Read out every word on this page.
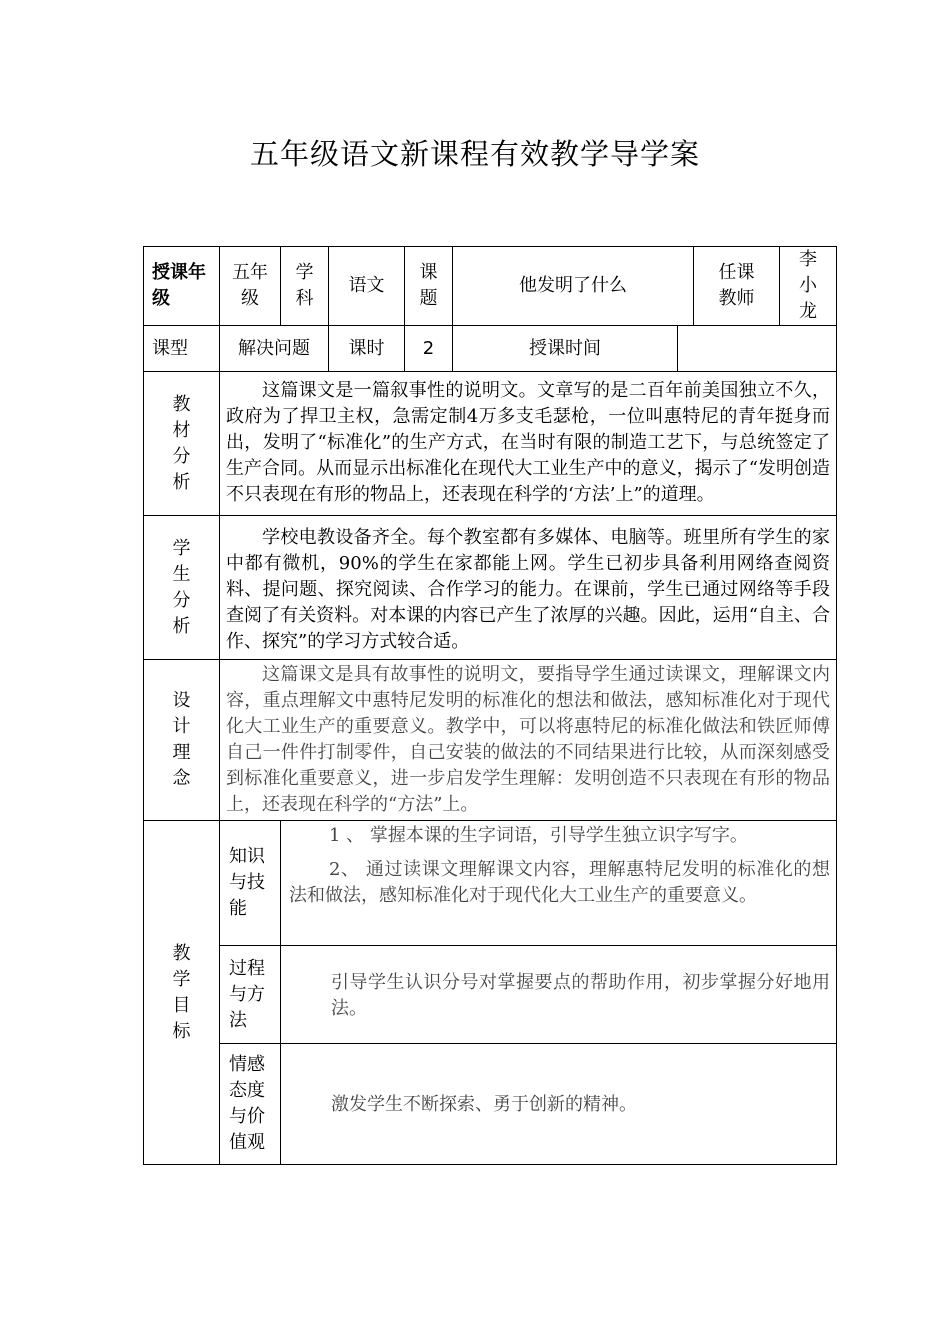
五年级语文新课程有效教学导学案
授课年级	五年级	学科	语文	课题	他发明了什么		任课教师	李小龙
课型	解决问题		课时	2	授课时间			
教材分析	这篇课文是一篇叙事性的说明文。文章写的是二百年前美国独立不久，政府为了捍卫主权，急需定制4万多支毛瑟枪，一位叫惠特尼的青年挺身而出，发明了“标准化”的生产方式，在当时有限的制造工艺下，与总统签定了生产合同。从而显示出标准化在现代大工业生产中的意义，揭示了“发明创造不只表现在有形的物品上，还表现在科学的‘方法’上”的道理。							

学生分析	学校电教设备齐全。每个教室都有多媒体、电脑等。班里所有学生的家中都有微机，90%的学生在家都能上网。学生已初步具备利用网络查阅资料、提问题、探究阅读、合作学习的能力。在课前，学生已通过网络等手段查阅了有关资料。对本课的内容已产生了浓厚的兴趣。因此，运用“自主、合作、探究”的学习方式较合适。							

设计理念	这篇课文是具有故事性的说明文，要指导学生通过读课文，理解课文内容，重点理解文中惠特尼发明的标准化的想法和做法，感知标准化对于现代化大工业生产的重要意义。教学中，可以将惠特尼的标准化做法和铁匠师傅自己一件件打制零件，自己安装的做法的不同结果进行比较，从而深刻感受到标准化重要意义，进一步启发学生理解：发明创造不只表现在有形的物品上，还表现在科学的“方法”上。							

教学目标	知识与技能	1 、 掌握本课的生字词语，引导学生独立识字写字。

2、 通过读课文理解课文内容，理解惠特尼发明的标准化的想法和做法，感知标准化对于现代化大工业生产的重要意义。						

	过程与方法	引导学生认识分号对掌握要点的帮助作用，初步掌握分好地用法。						

	情感态度与价值观	激发学生不断探索、勇于创新的精神。						
